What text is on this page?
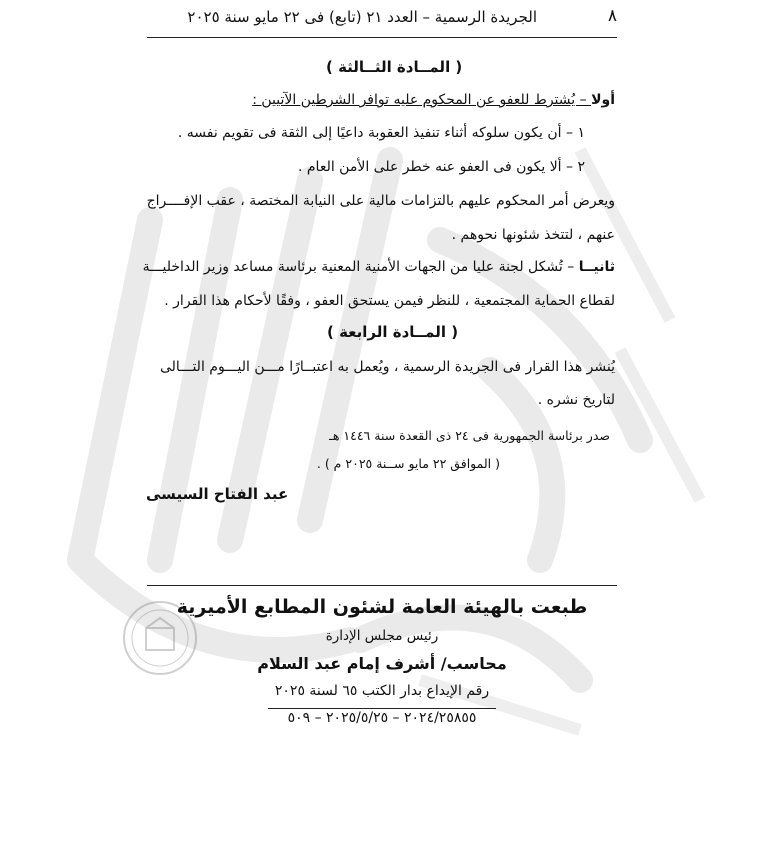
٨
الجريدة الرسمية – العدد ٢١ (تابع) فى ٢٢ مايو سنة ٢٠٢٥
( المــادة الثــالثة )
أولا – يُشترط للعفو عن المحكوم عليه توافر الشرطين الآتيين :
١ – أن يكون سلوكه أثناء تنفيذ العقوبة داعيًا إلى الثقة فى تقويم نفسه .
٢ – ألا يكون فى العفو عنه خطر على الأمن العام .
ويعرض أمر المحكوم عليهم بالتزامات مالية على النيابة المختصة ، عقب الإفــــراج
عنهم ، لتتخذ شئونها نحوهم .
ثانيــا – تُشكل لجنة عليا من الجهات الأمنية المعنية برئاسة مساعد وزير الداخليـــة
لقطاع الحماية المجتمعية ، للنظر فيمن يستحق العفو ، وفقًا لأحكام هذا القرار .
( المــادة الرابعة )
يُنشر هذا القرار فى الجريدة الرسمية ، ويُعمل به اعتبــارًا مـــن اليـــوم التـــالى
لتاريخ نشره .
صدر برئاسة الجمهورية فى ٢٤ ذى القعدة سنة ١٤٤٦ هـ
( الموافق ٢٢ مايو ســنة ٢٠٢٥ م ) .
عبد الفتاح السيسى
طبعت بالهيئة العامة لشئون المطابع الأميرية
رئيس مجلس الإدارة
محاسب/ أشرف إمام عبد السلام
رقم الإيداع بدار الكتب ٦٥ لسنة ٢٠٢٥
٢٠٢٤/٢٥٨٥٥ – ٢٠٢٥/٥/٢٥ – ٥٠٩
